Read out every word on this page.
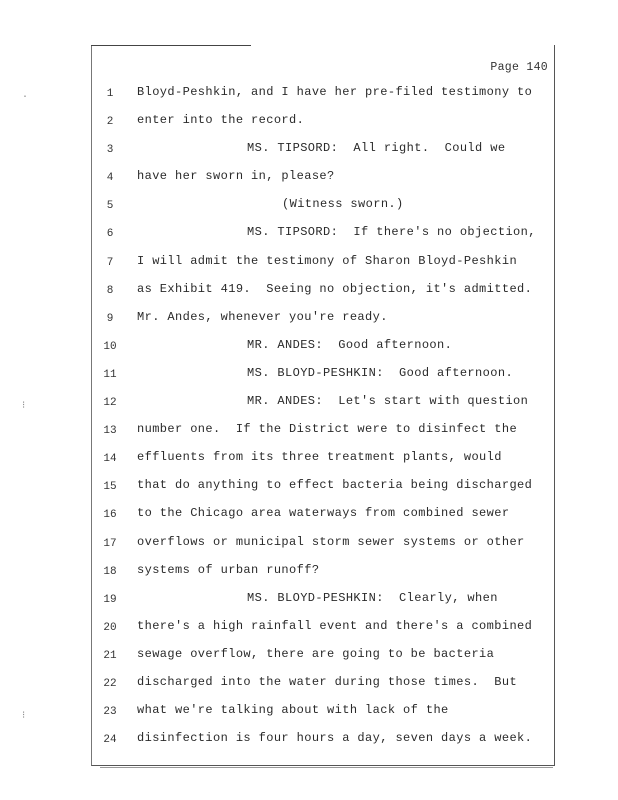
Page 140
1
2
3
4
5
6
7
8
9
10
11
12
13
14
15
16
17
18
19
20
21
22
23
24
Bloyd-Peshkin, and I have her pre-filed testimony to
enter into the record.
MS. TIPSORD:  All right.  Could we
have her sworn in, please?
(Witness sworn.)
MS. TIPSORD:  If there's no objection,
I will admit the testimony of Sharon Bloyd-Peshkin
as Exhibit 419.  Seeing no objection, it's admitted.
Mr. Andes, whenever you're ready.
MR. ANDES:  Good afternoon.
MS. BLOYD-PESHKIN:  Good afternoon.
MR. ANDES:  Let's start with question
number one.  If the District were to disinfect the
effluents from its three treatment plants, would
that do anything to effect bacteria being discharged
to the Chicago area waterways from combined sewer
overflows or municipal storm sewer systems or other
systems of urban runoff?
MS. BLOYD-PESHKIN:  Clearly, when
there's a high rainfall event and there's a combined
sewage overflow, there are going to be bacteria
discharged into the water during those times.  But
what we're talking about with lack of the
disinfection is four hours a day, seven days a week.
·
⁝
⁝
